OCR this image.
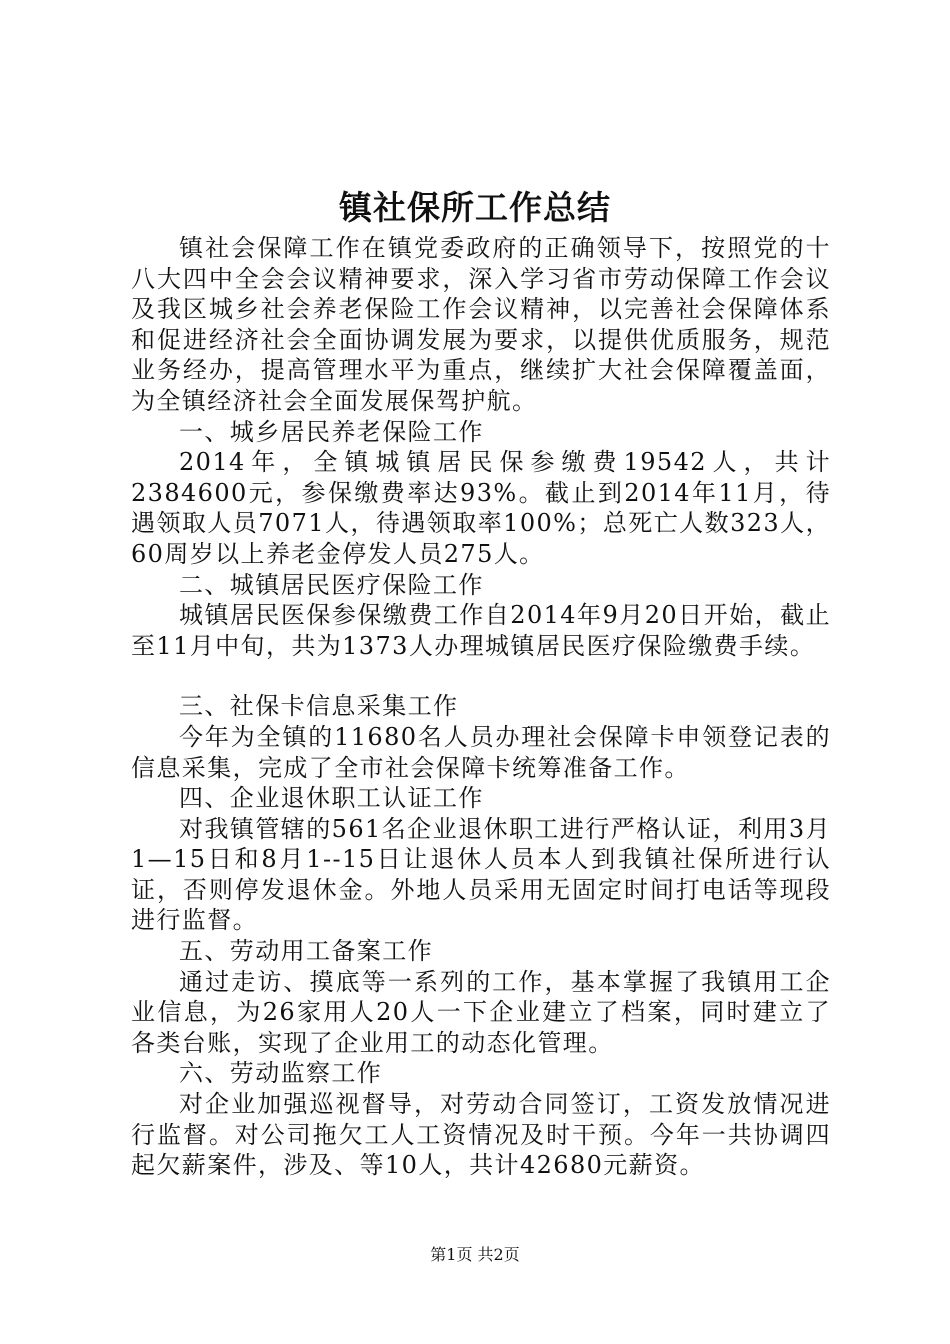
镇社保所工作总结

镇社会保障工作在镇党委政府的正确领导下，按照党的十八大四中全会会议精神要求，深入学习省市劳动保障工作会议及我区城乡社会养老保险工作会议精神，以完善社会保障体系和促进经济社会全面协调发展为要求，以提供优质服务，规范业务经办，提高管理水平为重点，继续扩大社会保障覆盖面，为全镇经济社会全面发展保驾护航。

一、城乡居民养老保险工作

2014年，全镇城镇居民保参缴费19542人，共计2384600元，参保缴费率达93%。截止到2014年11月，待遇领取人员7071人，待遇领取率100%；总死亡人数323人，60周岁以上养老金停发人员275人。

二、城镇居民医疗保险工作

城镇居民医保参保缴费工作自2014年9月20日开始，截止至11月中旬，共为1373人办理城镇居民医疗保险缴费手续。

三、社保卡信息采集工作

今年为全镇的11680名人员办理社会保障卡申领登记表的信息采集，完成了全市社会保障卡统筹准备工作。

四、企业退休职工认证工作

对我镇管辖的561名企业退休职工进行严格认证，利用3月1—15日和8月1--15日让退休人员本人到我镇社保所进行认证，否则停发退休金。外地人员采用无固定时间打电话等现段进行监督。

五、劳动用工备案工作

通过走访、摸底等一系列的工作，基本掌握了我镇用工企业信息，为26家用人20人一下企业建立了档案，同时建立了各类台账，实现了企业用工的动态化管理。

六、劳动监察工作

对企业加强巡视督导，对劳动合同签订，工资发放情况进行监督。对公司拖欠工人工资情况及时干预。今年一共协调四起欠薪案件，涉及、等10人，共计42680元薪资。

第1页 共2页
